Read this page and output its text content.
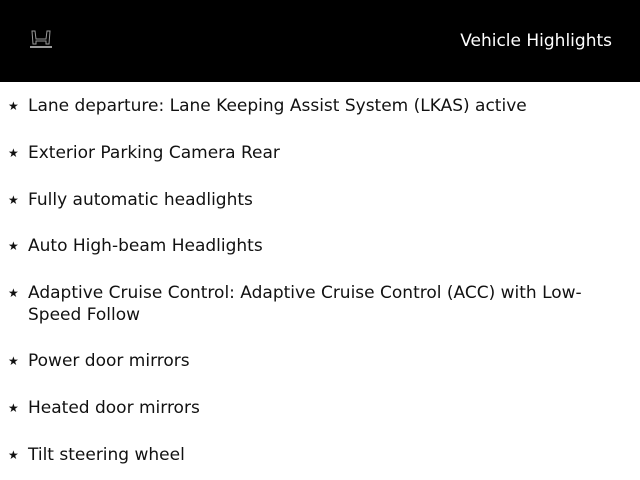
Vehicle Highlights
★ Lane departure: Lane Keeping Assist System (LKAS) active
★ Exterior Parking Camera Rear
★ Fully automatic headlights
★ Auto High-beam Headlights
★ Adaptive Cruise Control: Adaptive Cruise Control (ACC) with Low-Speed Follow
★ Power door mirrors
★ Heated door mirrors
★ Tilt steering wheel
